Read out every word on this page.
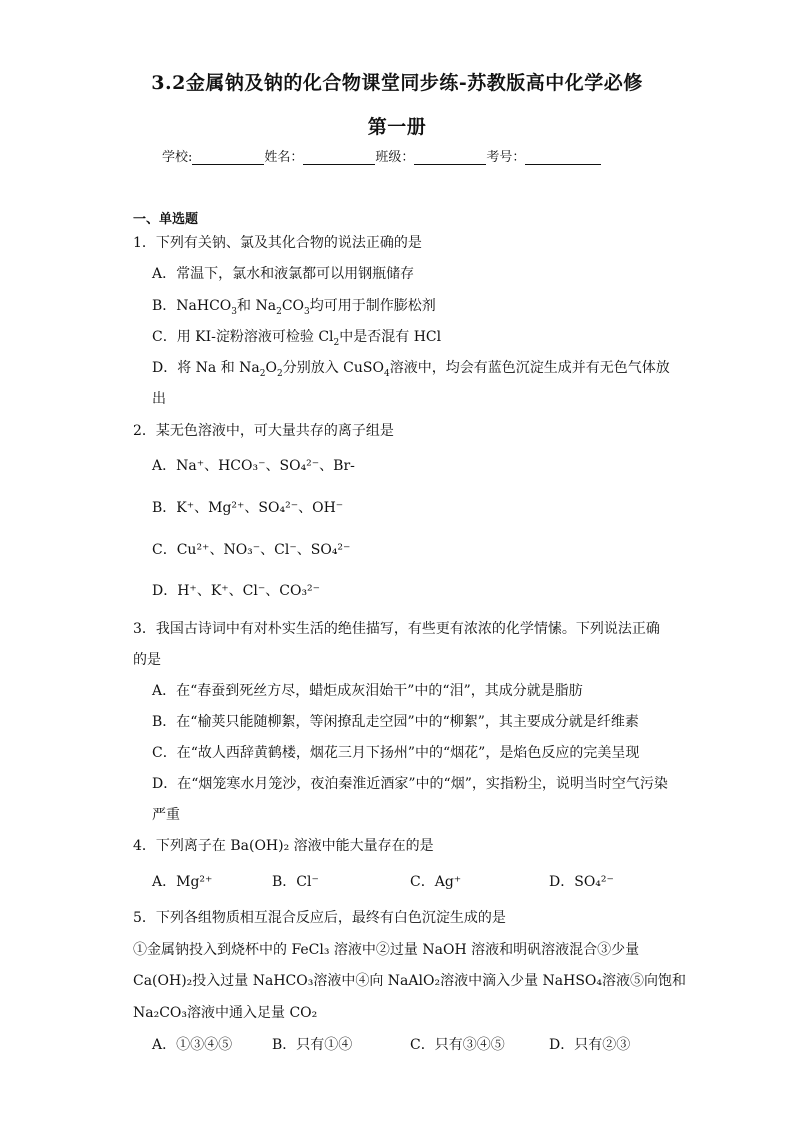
3.2金属钠及钠的化合物课堂同步练-苏教版高中化学必修
第一册
学校:	姓名：	班级：	考号：
一、单选题
1．下列有关钠、氯及其化合物的说法正确的是
A．常温下，氯水和液氯都可以用钢瓶储存
B．NaHCO$_3$和 $Na_2CO_3$均可用于制作膨松剂
C．用 KI-淀粉溶液可检验 $Cl_2$中是否混有 HCl
D．将 Na 和 $Na_2O_2$分别放入 CuSO$_4$溶液中，均会有蓝色沉淀生成并有无色气体放
出
2．某无色溶液中，可大量共存的离子组是
A．Na⁺、HCO₃⁻、SO₄²⁻、Br-
B．K⁺、Mg²⁺、SO₄²⁻、OH⁻
C．Cu²⁺、NO₃⁻、Cl⁻、SO₄²⁻
D．H⁺、K⁺、Cl⁻、CO₃²⁻
3．我国古诗词中有对朴实生活的绝佳描写，有些更有浓浓的化学情愫。下列说法正确
的是
A．在“春蚕到死丝方尽，蜡炬成灰泪始干”中的“泪”，其成分就是脂肪
B．在“榆荚只能随柳絮，等闲撩乱走空园”中的“柳絮”，其主要成分就是纤维素
C．在“故人西辞黄鹤楼，烟花三月下扬州”中的“烟花”，是焰色反应的完美呈现
D．在“烟笼寒水月笼沙，夜泊秦淮近酒家”中的“烟”，实指粉尘，说明当时空气污染
严重
4．下列离子在 Ba(OH)₂ 溶液中能大量存在的是
A．Mg²⁺	B．Cl⁻	C．Ag⁺	D．SO₄²⁻
5．下列各组物质相互混合反应后，最终有白色沉淀生成的是
①金属钠投入到烧杯中的 FeCl₃ 溶液中②过量 NaOH 溶液和明矾溶液混合③少量
Ca(OH)₂投入过量 NaHCO₃溶液中④向 NaAlO₂溶液中滴入少量 NaHSO₄溶液⑤向饱和
Na₂CO₃溶液中通入足量 CO₂
A．①③④⑤	B．只有①④	C．只有③④⑤	D．只有②③
